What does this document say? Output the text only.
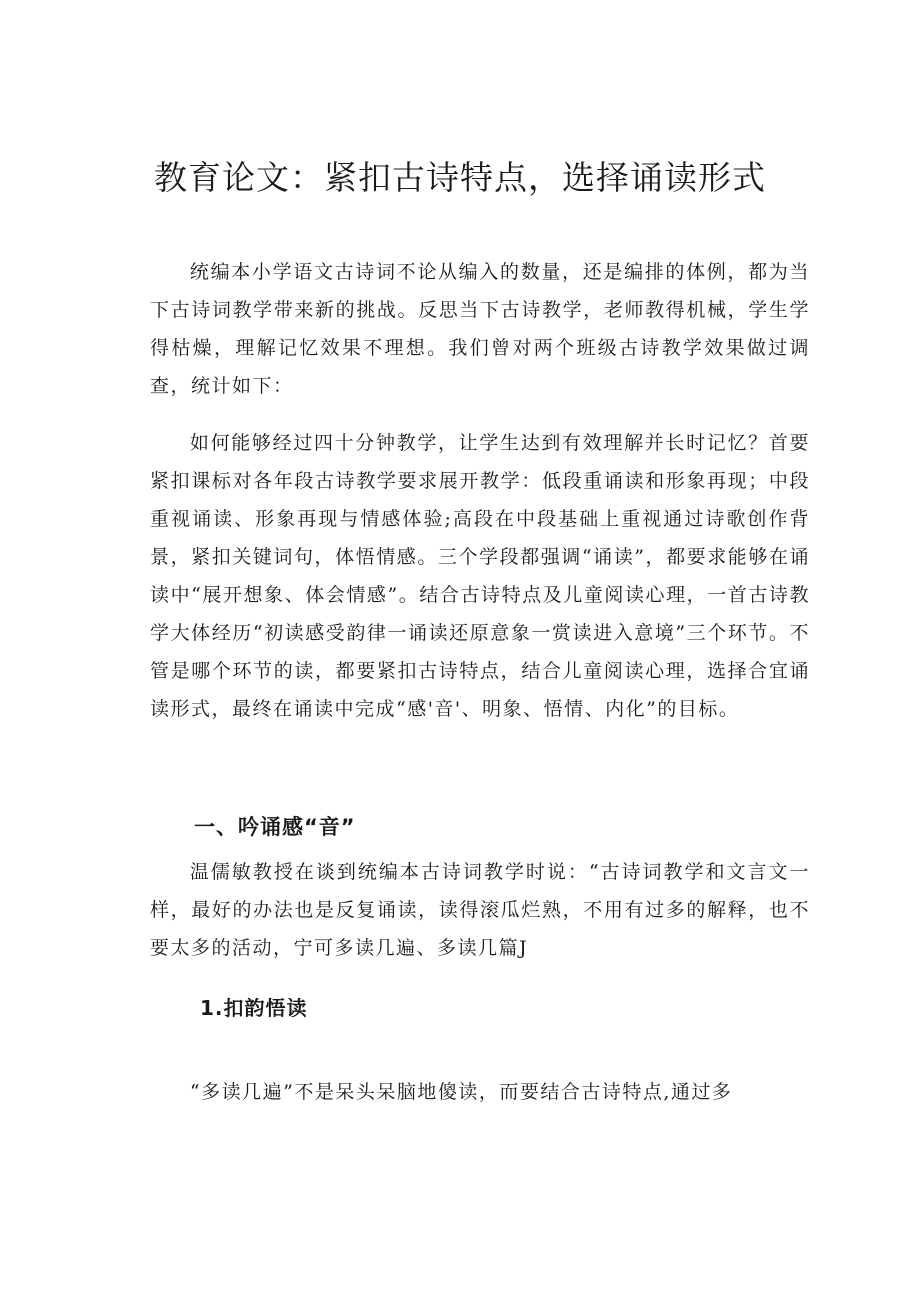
教育论文：紧扣古诗特点，选择诵读形式
统编本小学语文古诗词不论从编入的数量，还是编排的体例，都为当下古诗词教学带来新的挑战。反思当下古诗教学，老师教得机械，学生学得枯燥，理解记忆效果不理想。我们曾对两个班级古诗教学效果做过调查，统计如下：
如何能够经过四十分钟教学，让学生达到有效理解并长时记忆？首要紧扣课标对各年段古诗教学要求展开教学：低段重诵读和形象再现；中段重视诵读、形象再现与情感体验;高段在中段基础上重视通过诗歌创作背景，紧扣关键词句，体悟情感。三个学段都强调“诵读”，都要求能够在诵读中“展开想象、体会情感”。结合古诗特点及儿童阅读心理，一首古诗教学大体经历“初读感受韵律一诵读还原意象一赏读进入意境”三个环节。不管是哪个环节的读，都要紧扣古诗特点，结合儿童阅读心理，选择合宜诵读形式，最终在诵读中完成“感'音'、明象、悟情、内化”的目标。
一、吟诵感“音”
温儒敏教授在谈到统编本古诗词教学时说：“古诗词教学和文言文一样，最好的办法也是反复诵读，读得滚瓜烂熟，不用有过多的解释，也不要太多的活动，宁可多读几遍、多读几篇J
1.扣韵悟读
“多读几遍”不是呆头呆脑地傻读，而要结合古诗特点,通过多
